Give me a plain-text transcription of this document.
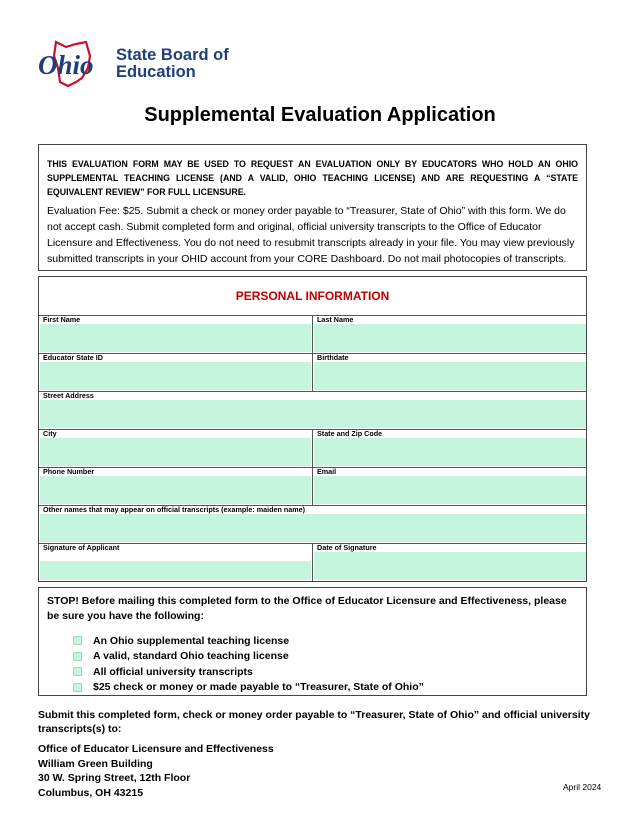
Ohio State Board of
Education
Supplemental Evaluation Application

THIS EVALUATION FORM MAY BE USED TO REQUEST AN EVALUATION ONLY BY EDUCATORS WHO HOLD AN OHIO SUPPLEMENTAL TEACHING LICENSE (AND A VALID, OHIO TEACHING LICENSE) AND ARE REQUESTING A “STATE EQUIVALENT REVIEW” FOR FULL LICENSURE.

Evaluation Fee: $25. Submit a check or money order payable to “Treasurer, State of Ohio” with this form. We do not accept cash. Submit completed form and original, official university transcripts to the Office of Educator Licensure and Effectiveness. You do not need to resubmit transcripts already in your file. You may view previously submitted transcripts in your OHID account from your CORE Dashboard. Do not mail photocopies of transcripts.

PERSONAL INFORMATION
First Name	Last Name
Educator State ID	Birthdate
Street Address
City	State and Zip Code
Phone Number	Email
Other names that may appear on official transcripts (example: maiden name)
Signature of Applicant	Date of Signature

STOP! Before mailing this completed form to the Office of Educator Licensure and Effectiveness, please be sure you have the following:

An Ohio supplemental teaching license
A valid, standard Ohio teaching license
All official university transcripts
$25 check or money or made payable to “Treasurer, State of Ohio”

Submit this completed form, check or money order payable to “Treasurer, State of Ohio” and official university transcripts(s) to:

Office of Educator Licensure and Effectiveness
William Green Building
30 W. Spring Street, 12th Floor
Columbus, OH 43215	April 2024
